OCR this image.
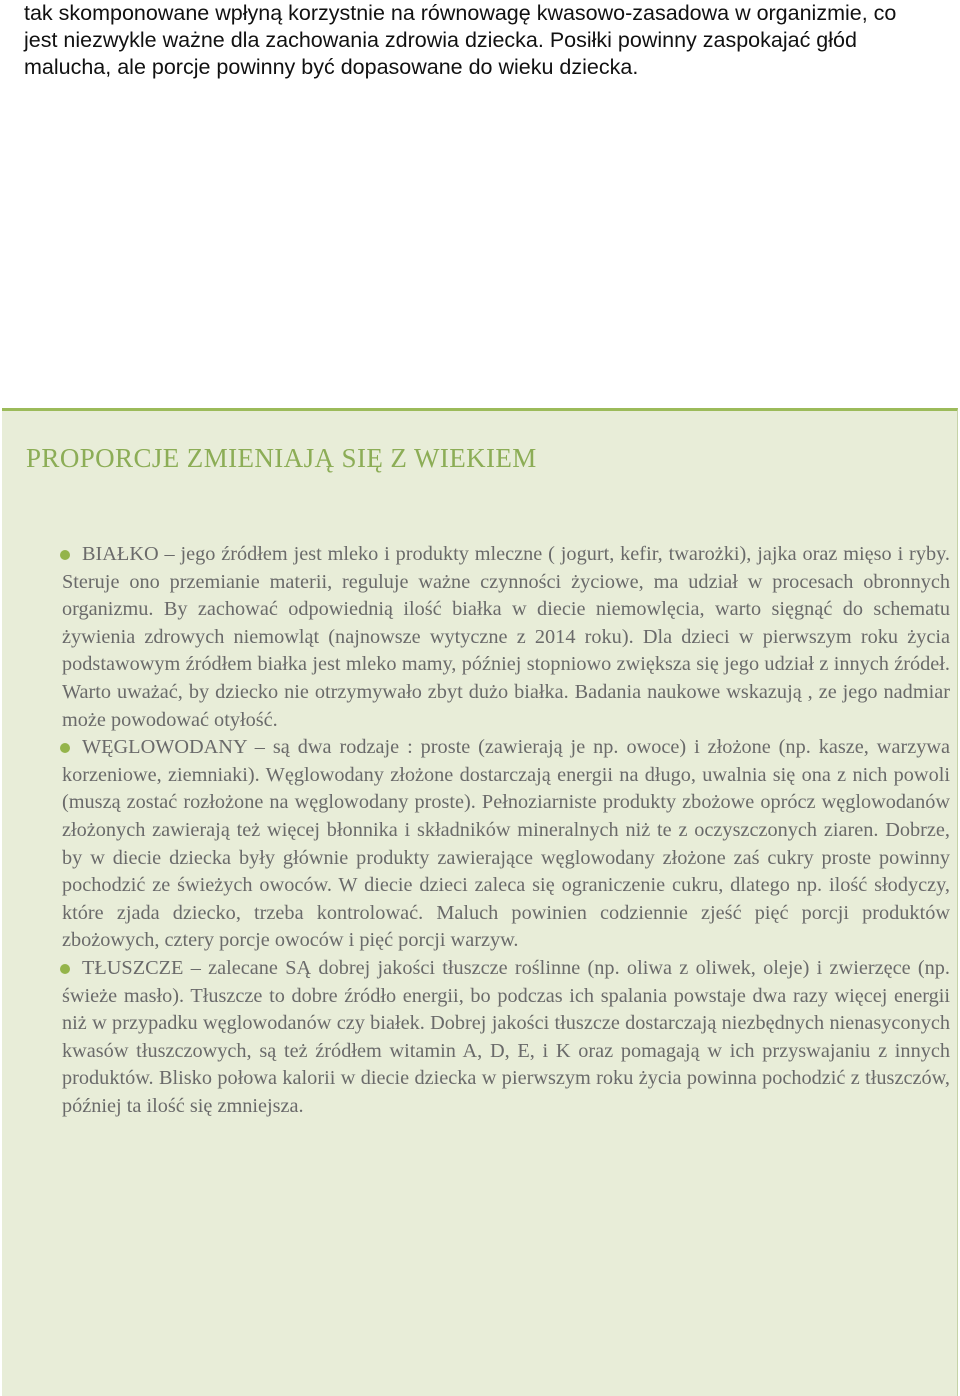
tak skomponowane wpłyną korzystnie na równowagę kwasowo-zasadowa w organizmie, co jest niezwykle ważne dla zachowania zdrowia dziecka. Posiłki powinny zaspokajać głód malucha, ale porcje powinny być dopasowane do wieku dziecka.

PROPORCJE ZMIENIAJĄ SIĘ Z WIEKIEM

BIAŁKO – jego źródłem jest mleko i produkty mleczne ( jogurt, kefir, twarożki), jajka oraz mięso i ryby. Steruje ono przemianie materii, reguluje ważne czynności życiowe, ma udział w procesach obronnych organizmu. By zachować odpowiednią ilość białka w diecie niemowlęcia, warto sięgnąć do schematu żywienia zdrowych niemowląt (najnowsze wytyczne z 2014 roku). Dla dzieci w pierwszym roku życia podstawowym źródłem białka jest mleko mamy, później stopniowo zwiększa się jego udział z innych źródeł. Warto uważać, by dziecko nie otrzymywało zbyt dużo białka. Badania naukowe wskazują , ze jego nadmiar może powodować otyłość.

WĘGLOWODANY – są dwa rodzaje : proste (zawierają je np. owoce) i złożone (np. kasze, warzywa korzeniowe, ziemniaki). Węglowodany złożone dostarczają energii na długo, uwalnia się ona z nich powoli (muszą zostać rozłożone na węglowodany proste). Pełnoziarniste produkty zbożowe oprócz węglowodanów złożonych zawierają też więcej błonnika i składników mineralnych niż te z oczyszczonych ziaren. Dobrze, by w diecie dziecka były głównie produkty zawierające węglowodany złożone zaś cukry proste powinny pochodzić ze świeżych owoców. W diecie dzieci zaleca się ograniczenie cukru, dlatego np. ilość słodyczy, które zjada dziecko, trzeba kontrolować. Maluch powinien codziennie zjeść pięć porcji produktów zbożowych, cztery porcje owoców i pięć porcji warzyw.

TŁUSZCZE – zalecane SĄ dobrej jakości tłuszcze roślinne (np. oliwa z oliwek, oleje) i zwierzęce (np. świeże masło). Tłuszcze to dobre źródło energii, bo podczas ich spalania powstaje dwa razy więcej energii niż w przypadku węglowodanów czy białek. Dobrej jakości tłuszcze dostarczają niezbędnych nienasyconych kwasów tłuszczowych, są też źródłem witamin A, D, E, i K oraz pomagają w ich przyswajaniu z innych produktów. Blisko połowa kalorii w diecie dziecka w pierwszym roku życia powinna pochodzić z tłuszczów, później ta ilość się zmniejsza.
